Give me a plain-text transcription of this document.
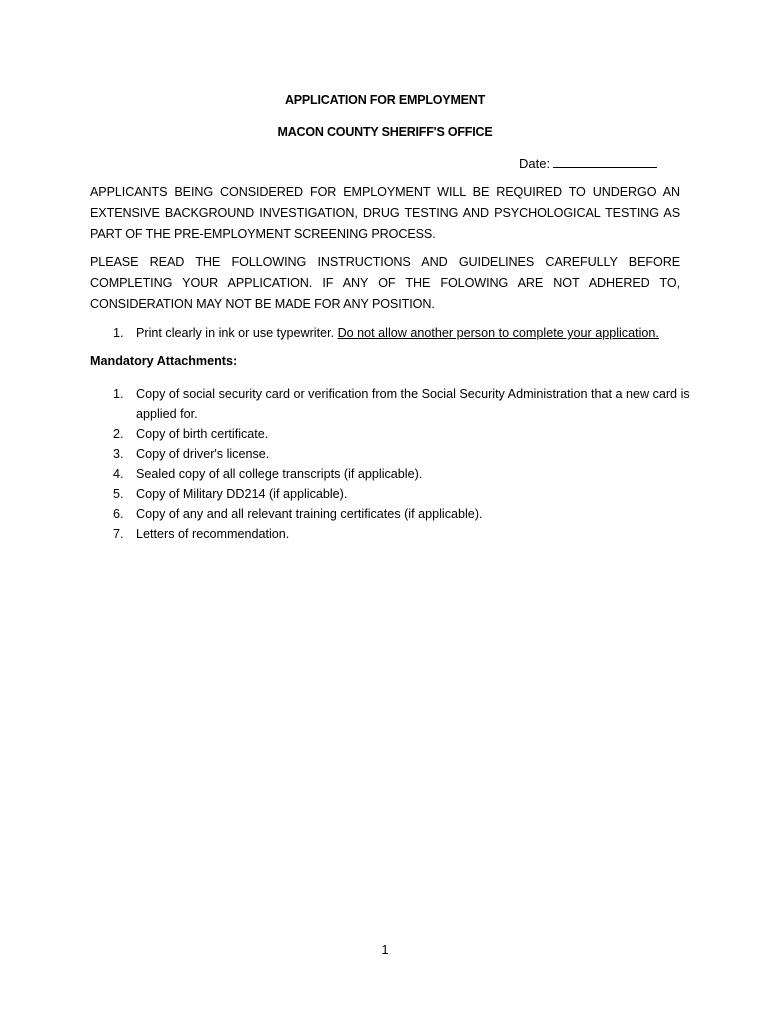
APPLICATION FOR EMPLOYMENT
MACON COUNTY SHERIFF'S OFFICE
Date:
APPLICANTS BEING CONSIDERED FOR EMPLOYMENT WILL BE REQUIRED TO UNDERGO AN EXTENSIVE BACKGROUND INVESTIGATION, DRUG TESTING AND PSYCHOLOGICAL TESTING AS PART OF THE PRE-EMPLOYMENT SCREENING PROCESS.
PLEASE READ THE FOLLOWING INSTRUCTIONS AND GUIDELINES CAREFULLY BEFORE COMPLETING YOUR APPLICATION. IF ANY OF THE FOLOWING ARE NOT ADHERED TO, CONSIDERATION MAY NOT BE MADE FOR ANY POSITION.
1. Print clearly in ink or use typewriter. Do not allow another person to complete your application.
Mandatory Attachments:
1. Copy of social security card or verification from the Social Security Administration that a new card is applied for.
2. Copy of birth certificate.
3. Copy of driver's license.
4. Sealed copy of all college transcripts (if applicable).
5. Copy of Military DD214 (if applicable).
6. Copy of any and all relevant training certificates (if applicable).
7. Letters of recommendation.
1
